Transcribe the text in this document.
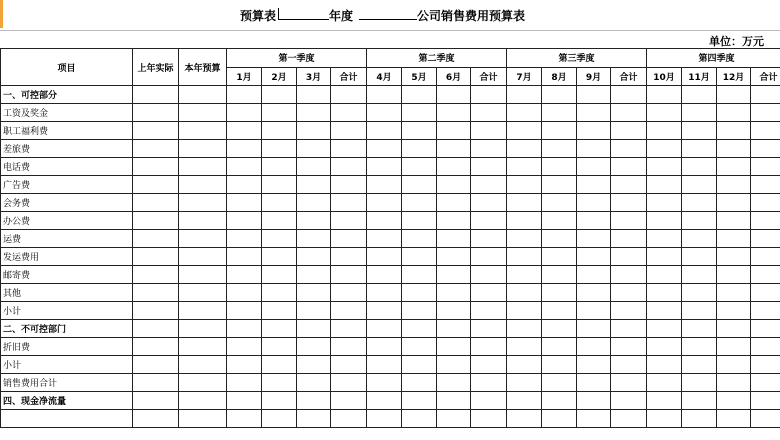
预算表	年度	公司销售费用预算表
单位：万元
项目	上年实际	本年预算	第一季度				第二季度				第三季度				第四季度			
			1月	2月	3月	合计	4月	5月	6月	合计	7月	8月	9月	合计	10月	11月	12月	合计
一、可控部分																		
工资及奖金																		
职工福利费																		
差旅费																		
电话费																		
广告费																		
会务费																		
办公费																		
运费																		
发运费用																		
邮寄费																		
其他																		
小计																		
二、不可控部门																		
折旧费																		
小计																		
销售费用合计																		
四、现金净流量																		
